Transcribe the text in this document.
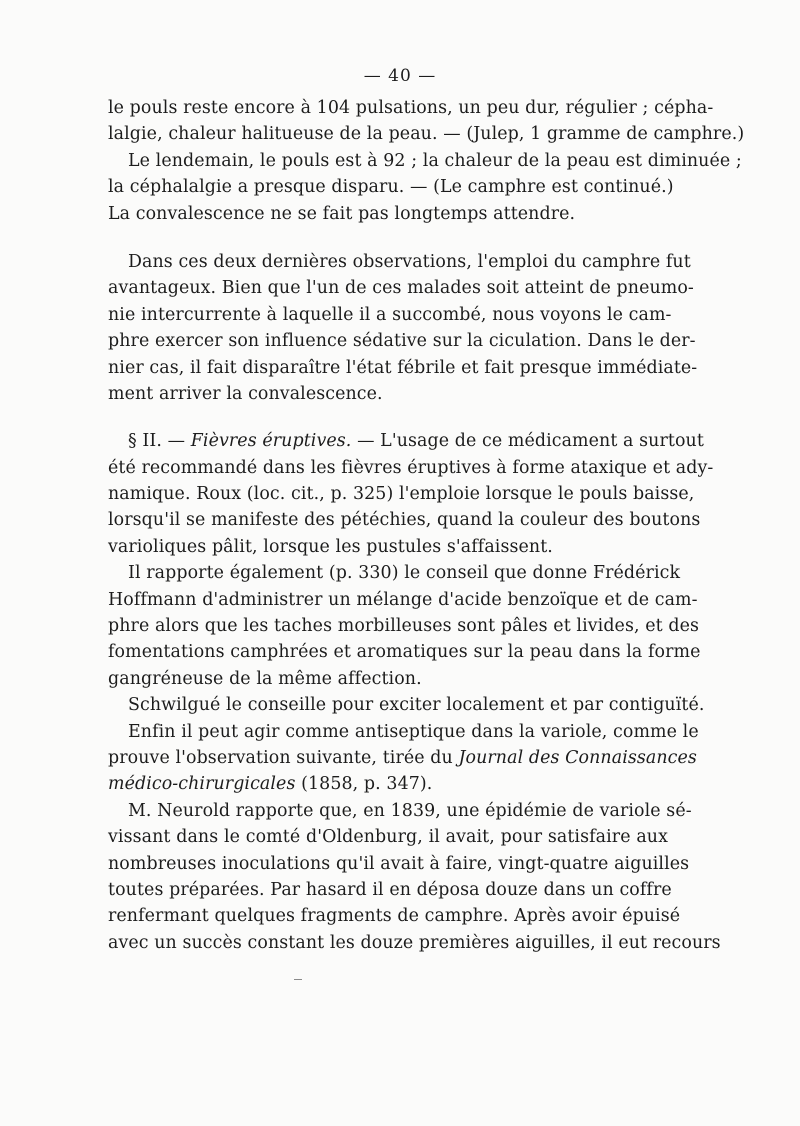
— 40 —
le pouls reste encore à 104 pulsations, un peu dur, régulier ; cépha-
lalgie, chaleur halitueuse de la peau. — (Julep, 1 gramme de camphre.)
Le lendemain, le pouls est à 92 ; la chaleur de la peau est diminuée ;
la céphalalgie a presque disparu. — (Le camphre est continué.)
La convalescence ne se fait pas longtemps attendre.
Dans ces deux dernières observations, l'emploi du camphre fut
avantageux. Bien que l'un de ces malades soit atteint de pneumo-
nie intercurrente à laquelle il a succombé, nous voyons le cam-
phre exercer son influence sédative sur la ciculation. Dans le der-
nier cas, il fait disparaître l'état fébrile et fait presque immédiate-
ment arriver la convalescence.
§ II. — Fièvres éruptives. — L'usage de ce médicament a surtout
été recommandé dans les fièvres éruptives à forme ataxique et ady-
namique. Roux (loc. cit., p. 325) l'emploie lorsque le pouls baisse,
lorsqu'il se manifeste des pétéchies, quand la couleur des boutons
varioliques pâlit, lorsque les pustules s'affaissent.
Il rapporte également (p. 330) le conseil que donne Frédérick
Hoffmann d'administrer un mélange d'acide benzoïque et de cam-
phre alors que les taches morbilleuses sont pâles et livides, et des
fomentations camphrées et aromatiques sur la peau dans la forme
gangréneuse de la même affection.
Schwilgué le conseille pour exciter localement et par contiguïté.
Enfin il peut agir comme antiseptique dans la variole, comme le
prouve l'observation suivante, tirée du Journal des Connaissances
médico-chirurgicales (1858, p. 347).
M. Neurold rapporte que, en 1839, une épidémie de variole sé-
vissant dans le comté d'Oldenburg, il avait, pour satisfaire aux
nombreuses inoculations qu'il avait à faire, vingt-quatre aiguilles
toutes préparées. Par hasard il en déposa douze dans un coffre
renfermant quelques fragments de camphre. Après avoir épuisé
avec un succès constant les douze premières aiguilles, il eut recours
